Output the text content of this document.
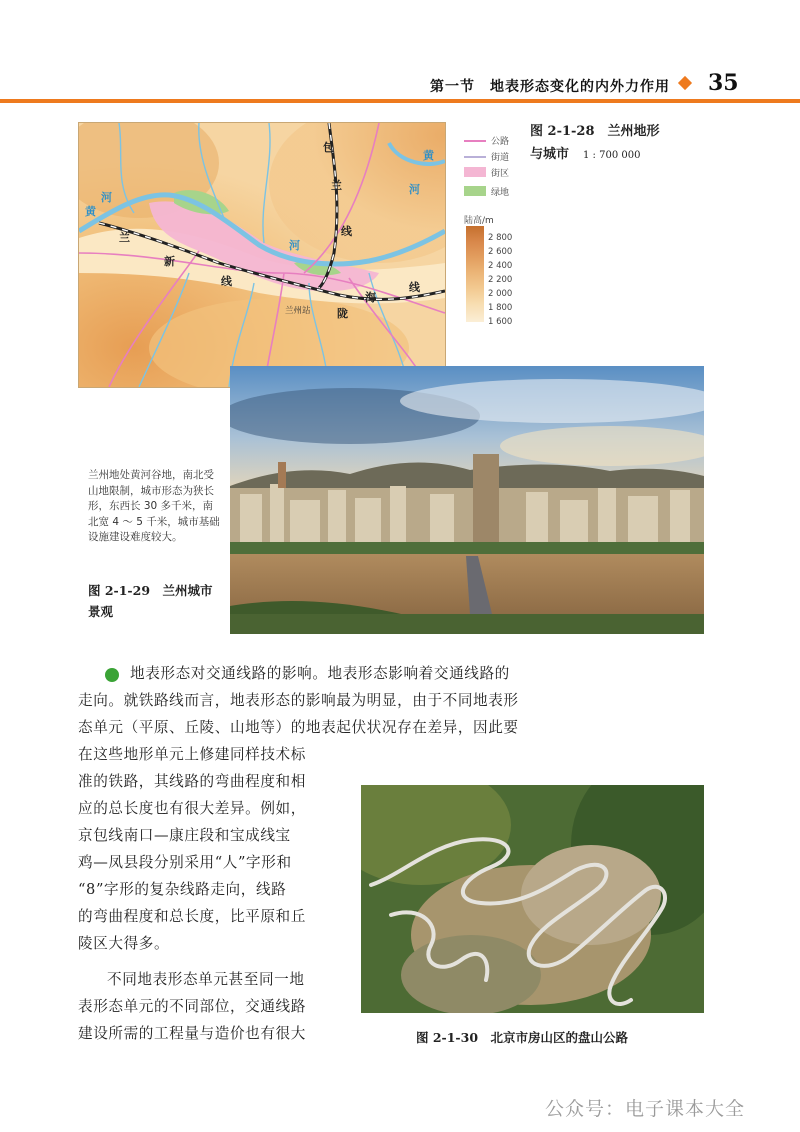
第一节　地表形态变化的内外力作用 35
包
兰
线
黄
河
黄
河
兰
新
线
河
线
陇
海
兰州站
公路
街道
街区
绿地
陆高/m
2 800
2 600
2 400
2 200
2 000
1 800
1 600
图 2-1-28　 兰州地形
与城市 1 : 700 000
兰州地处黄河谷地，南北受山地限制，城市形态为狭长形，东西长 30 多千米，南北宽 4 ～ 5 千米，城市基础设施建设难度较大。
图 2-1-29　兰州城市
景观
地表形态对交通线路的影响。地表形态影响着交通线路的
走向。就铁路线而言，地表形态的影响最为明显，由于不同地表形
态单元（平原、丘陵、山地等）的地表起伏状况存在差异，因此要
在这些地形单元上修建同样技术标
准的铁路，其线路的弯曲程度和相
应的总长度也有很大差异。例如，
京包线南口—康庄段和宝成线宝
鸡—凤县段分别采用“人”字形和
“8”字形的复杂线路走向，线路
的弯曲程度和总长度，比平原和丘
陵区大得多。
不同地表形态单元甚至同一地
表形态单元的不同部位，交通线路
建设所需的工程量与造价也有很大	图 2-1-30　北京市房山区的盘山公路
公众号：电子课本大全
